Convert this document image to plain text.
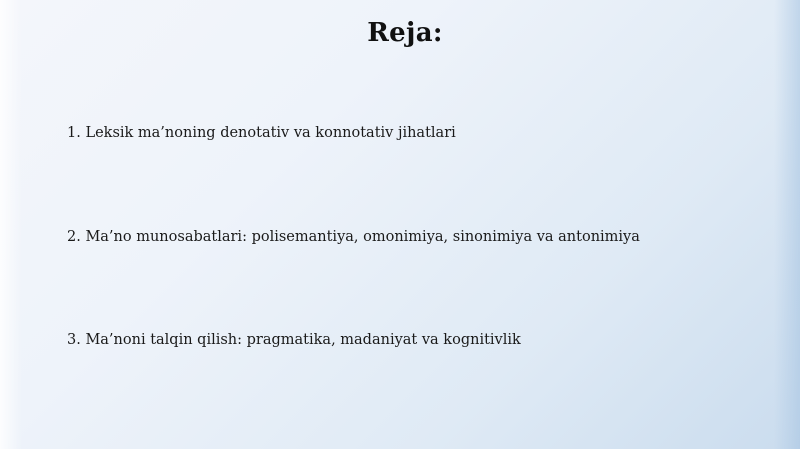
Reja:
1. Leksik ma’noning denotativ va konnotativ jihatlari
2. Ma’no munosabatlari: polisemantiya, omonimiya, sinonimiya va antonimiya
3. Ma’noni talqin qilish: pragmatika, madaniyat va kognitivlik
